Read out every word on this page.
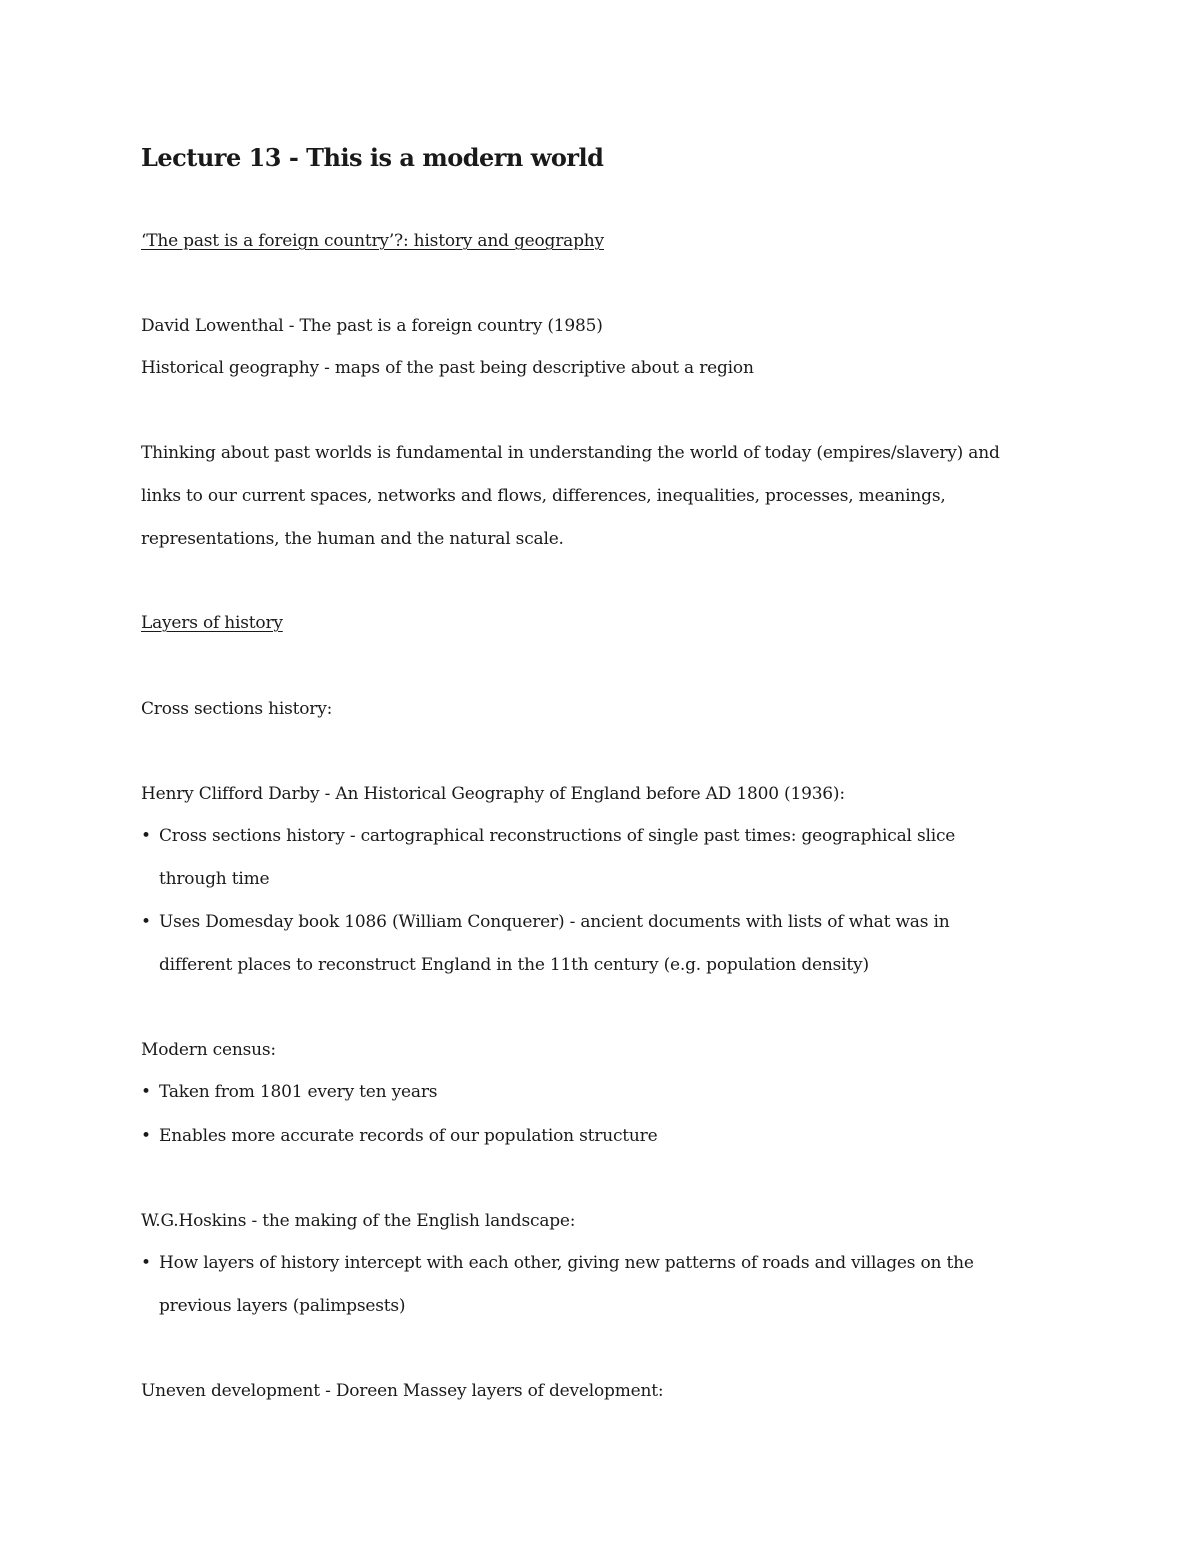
Lecture 13 - This is a modern world

‘The past is a foreign country’?: history and geography

David Lowenthal - The past is a foreign country (1985)

Historical geography - maps of the past being descriptive about a region

Thinking about past worlds is fundamental in understanding the world of today (empires/slavery) and

links to our current spaces, networks and flows, differences, inequalities, processes, meanings,

representations, the human and the natural scale.

Layers of history

Cross sections history:

Henry Clifford Darby - An Historical Geography of England before AD 1800 (1936):

• Cross sections history - cartographical reconstructions of single past times: geographical slice

through time

• Uses Domesday book 1086 (William Conquerer) - ancient documents with lists of what was in

different places to reconstruct England in the 11th century (e.g. population density)

Modern census:

• Taken from 1801 every ten years

• Enables more accurate records of our population structure

W.G.Hoskins - the making of the English landscape:

• How layers of history intercept with each other, giving new patterns of roads and villages on the

previous layers (palimpsests)

Uneven development - Doreen Massey layers of development:
